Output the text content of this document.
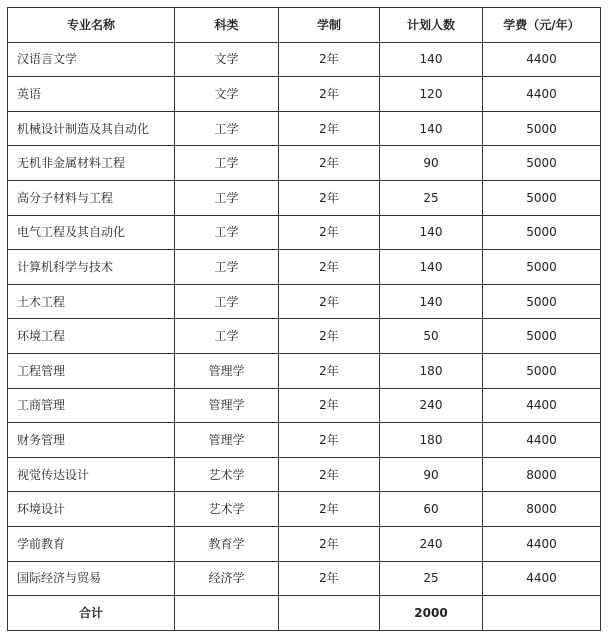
专业名称	科类	学制	计划人数	学费（元/年）
汉语言文学	文学	2年	140	4400
英语	文学	2年	120	4400
机械设计制造及其自动化	工学	2年	140	5000
无机非金属材料工程	工学	2年	90	5000
高分子材料与工程	工学	2年	25	5000
电气工程及其自动化	工学	2年	140	5000
计算机科学与技术	工学	2年	140	5000
土木工程	工学	2年	140	5000
环境工程	工学	2年	50	5000
工程管理	管理学	2年	180	5000
工商管理	管理学	2年	240	4400
财务管理	管理学	2年	180	4400
视觉传达设计	艺术学	2年	90	8000
环境设计	艺术学	2年	60	8000
学前教育	教育学	2年	240	4400
国际经济与贸易	经济学	2年	25	4400
合计			2000	
